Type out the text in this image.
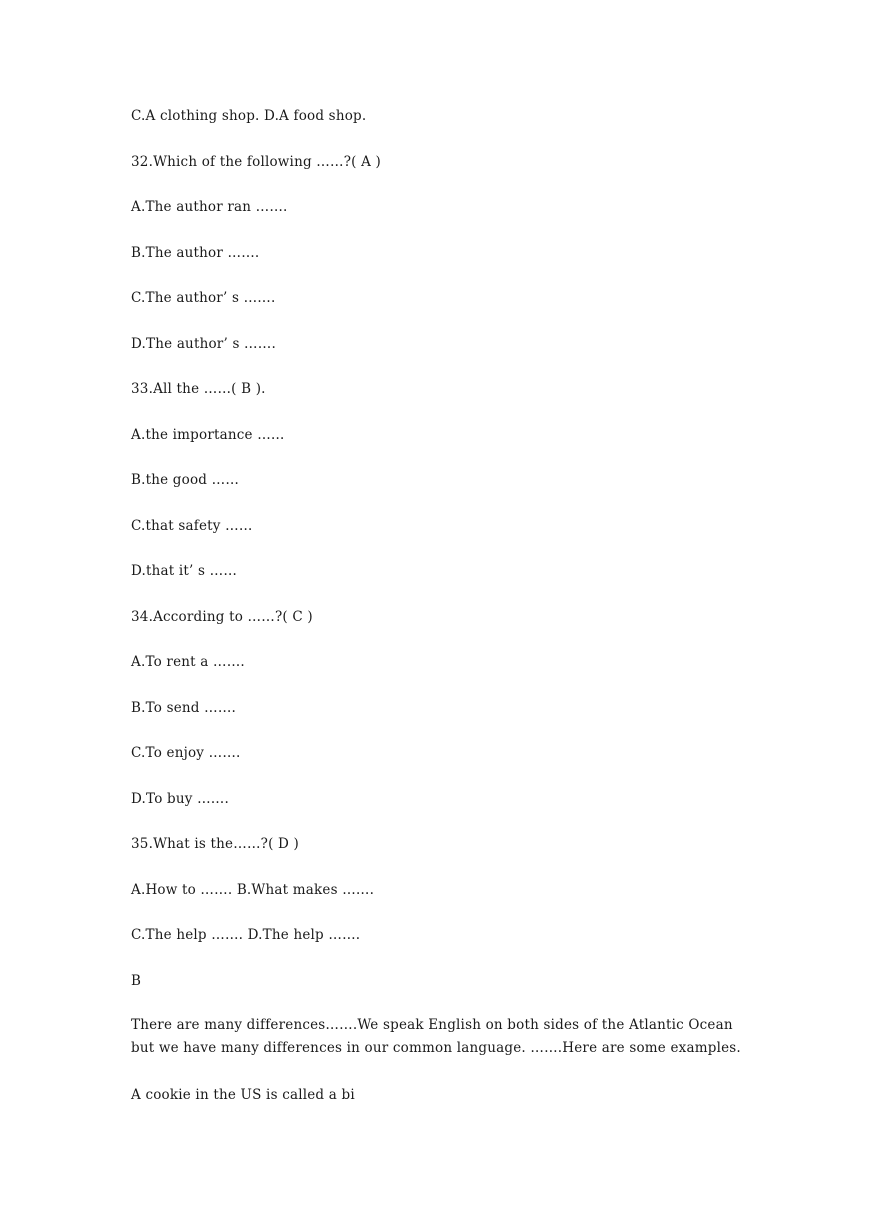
C.A clothing shop. D.A food shop.
32.Which of the following ……?( A )
A.The author ran …….
B.The author …….
C.The author’ s …….
D.The author’ s …….
33.All the ……( B ).
A.the importance ……
B.the good ……
C.that safety ……
D.that it’ s ……
34.According to ……?( C )
A.To rent a …….
B.To send …….
C.To enjoy …….
D.To buy …….
35.What is the……?( D )
A.How to ……. B.What makes …….
C.The help ……. D.The help …….
B
There are many differences…….We speak English on both sides of the Atlantic Ocean but we have many differences in our common language. …….Here are some examples.
A cookie in the US is called a bi
